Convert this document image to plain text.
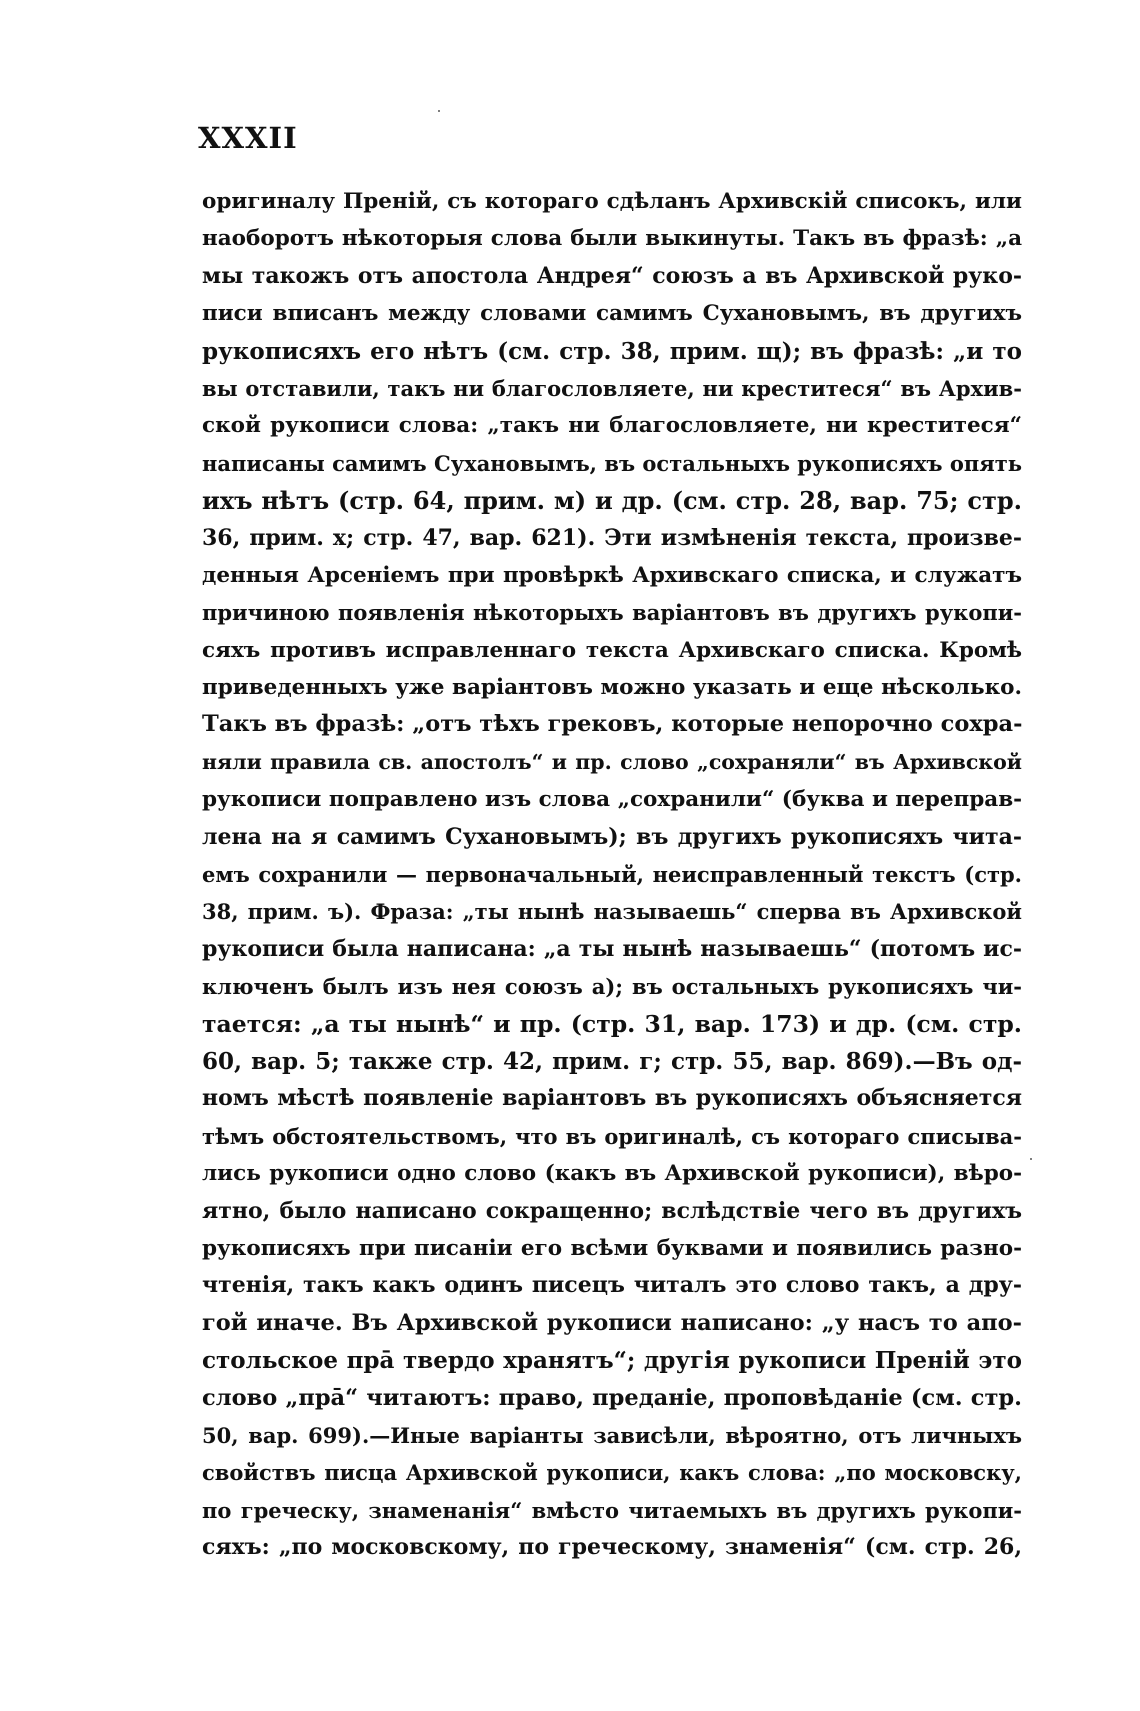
XXXII
оригиналу Преній, съ котораго сдѣланъ Архивскій списокъ, или
наоборотъ нѣкоторыя слова были выкинуты. Такъ въ фразѣ: „а
мы такожъ отъ апостола Андрея“ союзъ а въ Архивской руко-
писи вписанъ между словами самимъ Сухановымъ, въ другихъ
рукописяхъ его нѣтъ (см. стр. 38, прим. щ); въ фразѣ: „и то
вы отставили, такъ ни благословляете, ни креститеся“ въ Архив-
ской рукописи слова: „такъ ни благословляете, ни креститеся“
написаны самимъ Сухановымъ, въ остальныхъ рукописяхъ опять
ихъ нѣтъ (стр. 64, прим. м) и др. (см. стр. 28, вар. 75; стр.
36, прим. х; стр. 47, вар. 621). Эти измѣненія текста, произве-
денныя Арсеніемъ при провѣркѣ Архивскаго списка, и служатъ
причиною появленія нѣкоторыхъ варіантовъ въ другихъ рукопи-
сяхъ противъ исправленнаго текста Архивскаго списка. Кромѣ
приведенныхъ уже варіантовъ можно указать и еще нѣсколько.
Такъ въ фразѣ: „отъ тѣхъ грековъ, которые непорочно сохра-
няли правила св. апостолъ“ и пр. слово „сохраняли“ въ Архивской
рукописи поправлено изъ слова „сохранили“ (буква и переправ-
лена на я самимъ Сухановымъ); въ другихъ рукописяхъ чита-
емъ сохранили — первоначальный, неисправленный текстъ (стр.
38, прим. ъ). Фраза: „ты нынѣ называешь“ сперва въ Архивской
рукописи была написана: „а ты нынѣ называешь“ (потомъ ис-
ключенъ былъ изъ нея союзъ а); въ остальныхъ рукописяхъ чи-
тается: „а ты нынѣ“ и пр. (стр. 31, вар. 173) и др. (см. стр.
60, вар. 5; также стр. 42, прим. г; стр. 55, вар. 869).—Въ од-
номъ мѣстѣ появленіе варіантовъ въ рукописяхъ объясняется
тѣмъ обстоятельствомъ, что въ оригиналѣ, съ котораго списыва-
лись рукописи одно слово (какъ въ Архивской рукописи), вѣро-
ятно, было написано сокращенно; вслѣдствіе чего въ другихъ
рукописяхъ при писаніи его всѣми буквами и появились разно-
чтенія, такъ какъ одинъ писецъ читалъ это слово такъ, а дру-
гой иначе. Въ Архивской рукописи написано: „у насъ то апо-
стольское пра̄ твердо хранятъ“; другія рукописи Преній это
слово „пра̄“ читаютъ: право, преданіе, проповѣданіе (см. стр.
50, вар. 699).—Иные варіанты зависѣли, вѣроятно, отъ личныхъ
свойствъ писца Архивской рукописи, какъ слова: „по московску,
по греческу, знаменанія“ вмѣсто читаемыхъ въ другихъ рукопи-
сяхъ: „по московскому, по греческому, знаменія“ (см. стр. 26,
